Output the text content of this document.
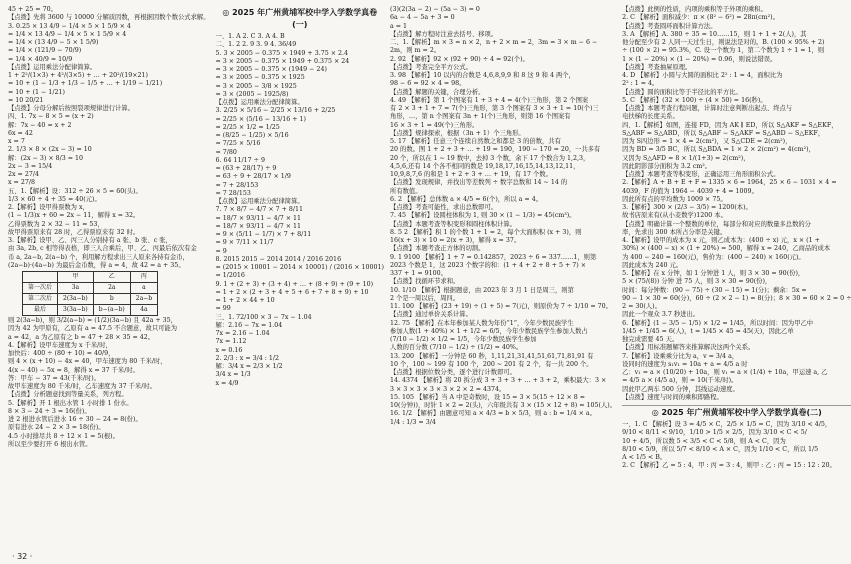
45 + 25 = 70。
【点拨】先将 3600 与 10000 分解质因数，再根据因数个数公式求解。
3. 0.25 × 13 4/9 − 1/4 × 5 × 1 5/9 × 4
= 1/4 × 13 4/9 − 1/4 × 5 × 1 5/9 × 4
= 1/4 × (13 4/9 − 5 × 1 5/9)
= 1/4 × (121/9 − 70/9)
= 1/4 × 40/9 = 10/9
【点拨】运用乘法分配律简算。
1 + 2²/(1×3) + 4²/(3×5) + … + 20²/(19×21)
= 10 + (1 − 1/3 + 1/3 − 1/5 + … + 1/19 − 1/21)
= 10 + (1 − 1/21)
= 10 20/21
【点拨】分母分解后按照裂项规律进行计算。
四、1. 7x − 8 × 5 = (x + 2)
解：7x − 40 = x + 2
6x = 42
x = 7
2. 1/3 × 8 × (2x − 3) = 10
解：(2x − 3) × 8/3 = 10
2x − 3 = 15/4
2x = 27/4
x = 27/8
五、1.【解析】设：312 ÷ 26 × 5 = 60(头)。
1/3 × 60 ÷ 4 + 35 = 40(元)。
2.【解析】设甲得票数为 x，
(1 − 1/3)x + 60 = 2x − 11，解得 x = 32。
乙得票数为 2 × 32 − 11 = 53，
故甲得票原来有 28 时，乙得票原来有 32 时。
3.【解析】设甲、乙、丙三人分别持有 a 张、b 张、c 张，
由 3a, 2b, c 相等得表格，即三人合乘后，甲、乙、丙最后依次有金
币 a, 2a−b, 2(a−b) 个，利用解方程求出三人原来各持有金币，
(2a−b)·(4a−b) 为最后金币数，得 a = 4，故 42 = a + 35。
	甲	乙	丙
第一次后	3a	2a	a
第二次后	2(3a−b)	b	2a−b
最后	3(3a−b)	b−(a−b)	4a
则 2(3a−b)，则 3/2(a−b) = (1/2)(3a−b) 且 42a + 35，
因为 42 为甲原有，乙原有 a = 47.5 不合题意，故只可能为
a = 42，a 为乙原有之 b ≈ 47 + 28 × 35 = 42。
4.【解析】设甲车速度为 x 千米/时，
加快后：400 ÷ (80 + 10) = 40/9，
则 4 × (x + 10) − 4x = 40，甲车速度为 80 千米/时，
4(x − 40) − 5x = 8，解得 x = 37 千米/时。
答：甲车 − 37 = 43(千米/时)。
故甲车速度为 80 千米/时，乙车速度为 37 千米/时。
【点拨】分析题意找到等量关系，列方程。
5.【解析】开 1 根出水管 1 小时排 1 份水。
8 × 3 − 24 ÷ 3 = 16(份)。
进 2 根进水管后进水 16 ÷ 30 − 24 = 8(份)。
原有进水 24 − 2 × 3 = 18(份)。
4.5 小时排尽共 8 ÷ 12 × 1 = 5(根)。
所以至少要打开 6 根出水管。
◎ 2025 年广州黄埔军校中学入学数学真卷(一)
一、1. A 2. C 3. A 4. B
二、1. 2 2. 9 3. 9 4. 36/49
5. 3 × 2005 − 0.375 × 1949 + 3.75 × 2.4
= 3 × 2005 − 0.375 × 1949 + 0.375 × 24
= 3 × 2005 − 0.375 × (1949 − 24)
= 3 × 2005 − 0.375 × 1925
= 3 × 2005 − 3/8 × 1925
= 3 × (2005 − 1925/8)
【点拨】运用乘法分配律简算。
3. 2/25 × 5/16 − 2/25 × 13/16 + 2/25
= 2/25 × (5/16 − 13/16 + 1)
= 2/25 × 1/2 = 1/25
= (8/25 − 1/25) × 5/16
= 7/25 × 5/16
= 7/80
6. 64 11/17 ÷ 9
= (63 + 28/17) ÷ 9
= 63 ÷ 9 + 28/17 × 1/9
= 7 + 28/153
= 7 28/153
【点拨】运用乘法分配律简算。
7. 7 × 8/7 − 4/7 × 7 + 8/11
= 18/7 × 93/11 − 4/7 × 11
= 18/7 × 93/11 − 4/7 × 11
= 9 × (5/11 − 1/7) × 7 + 8/11
= 9 × 7/11 × 11/7
= 9
8. 2015 2015 − 2014 2014 / 2016 2016
= (2015 × 10001 − 2014 × 10001) / (2016 × 10001)
= 1/2016
9. 1 + (2 + 3) + (3 + 4) + … + (8 + 9) + (9 + 10)
= 1 + 2 × (2 + 3 + 4 + 5 + 6 + 7 + 8 + 9) + 10
= 1 + 2 × 44 + 10
= 99
三、1. 72/100 × 3 − 7x − 1.04
解：2.16 − 7x = 1.04
7x = 2.16 − 1.04
7x = 1.12
x = 0.16
2. 2/3 : x = 3/4 : 1/2
解：3/4 x = 2/3 × 1/2
3/4 x = 1/3
x = 4/9
(3)(2(3a − 2) − (5a − 3) = 0
6a − 4 − 5a + 3 = 0
a = 1
【点拨】解方程时注意去括号、移项。
二、1.【解析】m × 3 = n × 2，n + 2 × m = 2，3m = 3 × m − 6 −
2m，则 m = 2。
2. 92 【解析】92 × (92 + 90) ÷ 4 = 92(个)。
【点拨】考查完全平方公式。
3. 98 【解析】10 以内的合数是 4,6,8,9,9 和 8 这 9 和 4 两个，
98 − 6 = 92 × 4 = 98。
【点拨】解题的关键，合理分析。
4. 49 【解析】第 1 个图案有 1 + 3 + 4 = 4(个)三角形，第 2 个图案
有 2 × 3 + 1 + 7 = 7(个)三角形，第 3 个图案有 3 × 3 + 1 = 10(个)三
角形，…，第 n 个图案有 3n + 1(个)三角形，则第 16 个图案有
16 × 3 + 1 = 49(个)三角形。
【点拨】规律探索，根据（3n + 1）个三角形。
5. 17 【解析】任意三个连续自然数之和都是 3 的倍数，共有
20 的数。图 1 + 2 + 3 + … + 19 = 190，190 − 170 = 20，一共多有
20 个，所以在 1 ~ 19 数中，去掉 3 个数，余下 17 个数合为 1,2,3，
4,5,6,还有 14 个各不相同的数是 19,18,17,16,15,14,13,12,11，
10,9,8,7,6 的和是 1 + 2 + 3 + … + 19，有 17 个数。
【点拨】发现规律，并找出等差数列 ÷ 数字总数和 14 ~ 14 的
所有数值。
6. 2 【解析】总体数 a × 4/5 = 6(个)，所以 a = 4。
【点拨】考查可能性，求出总数即可。
7. 45 【解析】设圆柱体积为 1, 则 30 × (1 − 1/3) = 45(cm³)。
【点拨】本题考查等积变形和圆柱体积计算。
8. 5 2 【解析】积 1 的个数 1 + 1 = 2，每个大面积积 (x + 3)，则
16(x + 3) × 10 = 2(x + 3)，解得 x = 37。
【点拨】本题考查正方体的切割。
9. 1 9100 【解析】1 + 7 = 0.142857，2023 ÷ 6 = 337……1，则第
2023 个数是 1，这 2023 个数字的和：(1 + 4 + 2 + 8 + 5 + 7) ×
337 + 1 = 9100。
【点拨】找循环节求和。
10. 1/10 【解析】根据题意，由 2023 年 3 月 1 日是周三，则第
2 个是一周以后，周四。
11. 100 【解析】(23 + 19) ÷ (1 + 5) = 7(元)，则原价为 7 ÷ 1/10 = 70。
【点拨】通过单价关系计算。
12. 75 【解析】在本年参加某人数为年份“1”，今年少数民族学生
参加人数(1 + 40%) × 1 + 1/2 = 6/5，今年少数民族学生参加人数占
(7/10 − 1/2) × 1/2 = 1/5，今年少数民族学生参加
人数的百分数 (7/10 − 1/2) ÷ (1/2) = 40%。
13. 200 【解析】一分钟是 60 秒，1,11,21,31,41,51,61,71,81,91 有
10 个，100 ~ 199 有 100 个，200 ~ 201 有 2 个，有一共 200 个。
【点拨】根据位数分类，逐个进行计数即可。
14. 4374 【解析】将 20 拆分成 3 + 3 + 3 + … + 3 + 2，乘积最大：3 ×
3 × 3 × 3 × 3 × 3 × 2 × 2 = 4374。
15. 105 【解析】当 A 中是奇数时，设 15 = 3 × 5(15 ÷ 12 × 8 =
10(分钟))，时针 1 × 2 = 2(头)，六年级共有 3 × (15 × 12 + 8) = 105(人)。
16. 1/2 【解析】由题意可知 a × 4/3 = b × 5/3，则 a : b = 1/4 × a。
1/4 : 1/3 = 3/4
【点拨】此例的性质，内项的乘积等于外项的乘积。
2. C 【解析】面积减少：π × (8² − 6²) = 28π(cm²)。
【点拨】考查圆环面积计算方法。
3. A 【解析】A. 380 ÷ 35 = 10……15，则 1 + 1 + 2(人)，其
他分配至少有 2 人同一天过生日，则说法是对的。B. (100 × 95% + 2)
÷ (100 × 2) = 95.3%，C. 设一个数为 1，第二个数为 1 ÷ 1 = 1，则
1 × (1 − 20%) × (1 − 20%) = 0.96，则说法错误。
【点拨】考查抽屉原理。
4. D 【解析】小圆与大圆的面积比 2² : 1 = 4，面积比为
2² : 1 = 4。
【点拨】圆的面积比等于半径比的平方比。
5. C 【解析】(32 × 100) ÷ (4 × 50) = 16(秒)。
【点拨】本题考查行程问题，计算时注意判断出起点、终点与
电扶梯的长度关系。
四、1.【解析】如图，连接 FD，因为 AK ∥ ED，所以 S△AKF = S△EKF，
S△ABF = S△ABD，所以 S△ABF − S△AKF = S△ABD − S△EKF，
因为 S四边形 = 1 × 4 = 2(cm²)，又 S△CDE = 2(cm²)，
因为 BD = 3/5 BC，所以 S△BDA = 1 × 2 × 2(cm²) = 4(cm²)，
又因为 S△AFD = 8 × 1/(1+3) = 2(cm²)，
因此阴影部分面积为 3.2 cm²。
【点拨】本题考查等积变形，正确运用三角形面积公式。
2.【解析】A + B + E + F = 1335 × 6 = 1964，25 × 6 − 1031 × 4 =
4039，F 的值为 1964 − 4039 + 4 = 1009。
因此所有点的平均数为 1009 × 75。
3.【解析】300 × (2/3 − 3/5) = 1200(本)。
故书店原来有(从小麦数学)1200 本。
【点拨】明确计算一个整数的单位，每部分和对应的数量多总数的分
率，先求出 300 本所占分率是关键。
4.【解析】设甲的成本为 x 元，则乙成本为：(400 ÷ x) 元，x × (1 +
30%) × (400 − x) × (1 + 20%) = 500，解得 x = 240，乙商品的成本
为 400 − 240 = 160(元)，售价为：(400 − 240) × 160(元)。
因此成本为 240 元。
5.【解析】在 x 分钟，如 1 分钟进 1 人，则 3 × 30 = 90(份)，
5 × (75/(8)) 分钟 进 75 人，则 3 × 30 = 90(份)，
时间：每分钟数：(90 − 75) ÷ (30 − 15) = 1(分)；剩余：5x ≈
90 − 1 × 30 = 60(分)，60 ÷ (2 × 2 − 1) = 8(分)；8 × 30 = 60 × 2 = 0 ÷
2 = 30(人)。
因此一个观众 3.7 秒进出。
6.【解析】(1 − 3/5 − 1/5) × 1/2 = 1/45，所以时间：因为甲乙中
1/45 + 1/45 = 6(人)，t = 1/45 × 45 = 45(天)，因此乙单
独完成需要 45 天。
【点拨】用标准题解答来推算解决这两个关系。
7.【解析】设乘乘分比为 a，v = 3/4 a，
设同时的速度为 s₁v₁ = 10a + a = 4/5 a 时
乙：v₁ = a × (10/20) + 10a，则 v₁ = a × (1/4) + 10a，甲运速 a, 乙
= 4/5 a × (4/5 a)，则 ≈ 10(千米/时)。
因此甲乙两车 500 分钟，其线运动速度。
【点拨】速度与时间的乘积即路程。
◎ 2025 年广州黄埔军校中学入学数学真卷(二)
一、1. C 【解析】设 3 = 4/5 × C，2/5 × 1/5 = C，因为 3/10 < 4/5，
9/10 < 8/11 < 9/10，1/10 > 1/5 × 2/5，因为 3/10 < C < 5/
10 + 4/5，所以数 5 < 3/5 < C < 5/8，则 A < C，因为
8/10 < 5/9，所以 5/7 < 8/10 < A × C，因为 1/10 < C，所以 1/5
A < 1/5 < B。
2. C 【解析】乙 = 5 : 4，甲 : 丙 = 3 : 4，则甲 : 乙 : 丙 = 15 : 12 : 20。
· 32 ·
